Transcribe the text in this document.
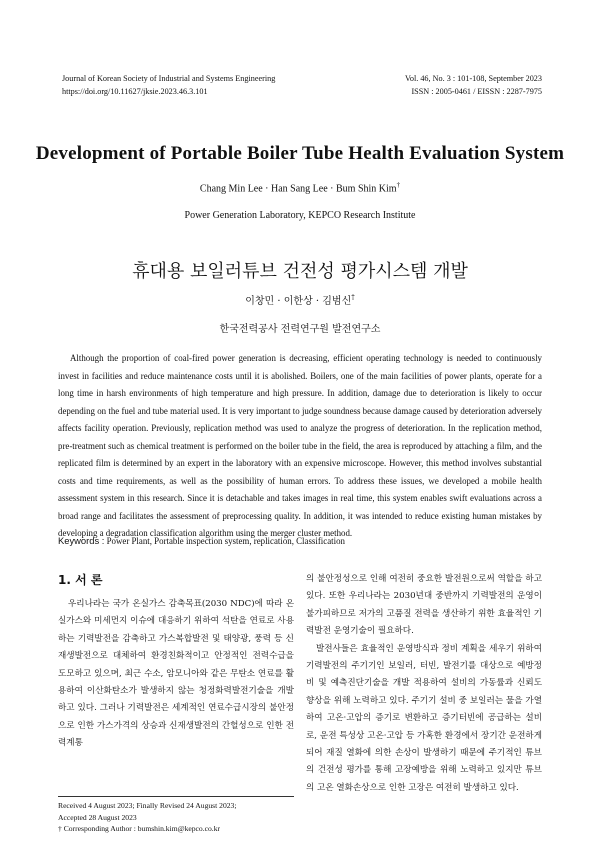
Journal of Korean Society of Industrial and Systems Engineering
https://doi.org/10.11627/jksie.2023.46.3.101
Vol. 46, No. 3 : 101-108, September 2023
ISSN : 2005-0461 / EISSN : 2287-7975
Development of Portable Boiler Tube Health Evaluation System
Chang Min Lee · Han Sang Lee · Bum Shin Kim†
Power Generation Laboratory, KEPCO Research Institute
휴대용 보일러튜브 건전성 평가시스템 개발
이창민 · 이한상 · 김범신†
한국전력공사 전력연구원 발전연구소

Although the proportion of coal-fired power generation is decreasing, efficient operating technology is needed to continuously invest in facilities and reduce maintenance costs until it is abolished. Boilers, one of the main facilities of power plants, operate for a long time in harsh environments of high temperature and high pressure. In addition, damage due to deterioration is likely to occur depending on the fuel and tube material used. It is very important to judge soundness because damage caused by deterioration adversely affects facility operation. Previously, replication method was used to analyze the progress of deterioration. In the replication method, pre-treatment such as chemical treatment is performed on the boiler tube in the field, the area is reproduced by attaching a film, and the replicated film is determined by an expert in the laboratory with an expensive microscope. However, this method involves substantial costs and time requirements, as well as the possibility of human errors. To address these issues, we developed a mobile health assessment system in this research. Since it is detachable and takes images in real time, this system enables swift evaluations across a broad range and facilitates the assessment of preprocessing quality. In addition, it was intended to reduce existing human mistakes by developing a degradation classification algorithm using the merger cluster method.

Keywords : Power Plant, Portable inspection system, replication, Classification
1. 서 론

우리나라는 국가 온실가스 감축목표(2030 NDC)에 따라 온실가스와 미세먼지 이슈에 대응하기 위하여 석탄을 연료로 사용하는 기력발전을 감축하고 가스복합발전 및 태양광, 풍력 등 신재생발전으로 대체하여 환경친화적이고 안정적인 전력수급을 도모하고 있으며, 최근 수소, 암모니아와 같은 무탄소 연료를 활용하여 이산화탄소가 발생하지 않는 청정화력발전기술을 개발하고 있다. 그러나 기력발전은 세계적인 연료수급시장의 불안정으로 인한 가스가격의 상승과 신재생발전의 간헐성으로 인한 전력계통

의 불안정성으로 인해 여전히 중요한 발전원으로써 역할을 하고 있다. 또한 우리나라는 2030년대 중반까지 기력발전의 운영이 불가피하므로 저가의 고품질 전력을 생산하기 위한 효율적인 기력발전 운영기술이 필요하다.

발전사들은 효율적인 운영방식과 정비 계획을 세우기 위하여 기력발전의 주기기인 보일러, 터빈, 발전기를 대상으로 예방정비 및 예측진단기술을 개발 적용하여 설비의 가동률과 신뢰도 향상을 위해 노력하고 있다. 주기기 설비 중 보일러는 물을 가열하여 고온·고압의 증기로 변환하고 증기터빈에 공급하는 설비로, 운전 특성상 고온·고압 등 가혹한 환경에서 장기간 운전하게 되어 재질 열화에 의한 손상이 발생하기 때문에 주기적인 튜브의 건전성 평가를 통해 고장예방을 위해 노력하고 있지만 튜브의 고온 열화손상으로 인한 고장은 여전히 발생하고 있다.

Received 4 August 2023; Finally Revised 24 August 2023;
Accepted 28 August 2023
† Corresponding Author : bumshin.kim@kepco.co.kr
